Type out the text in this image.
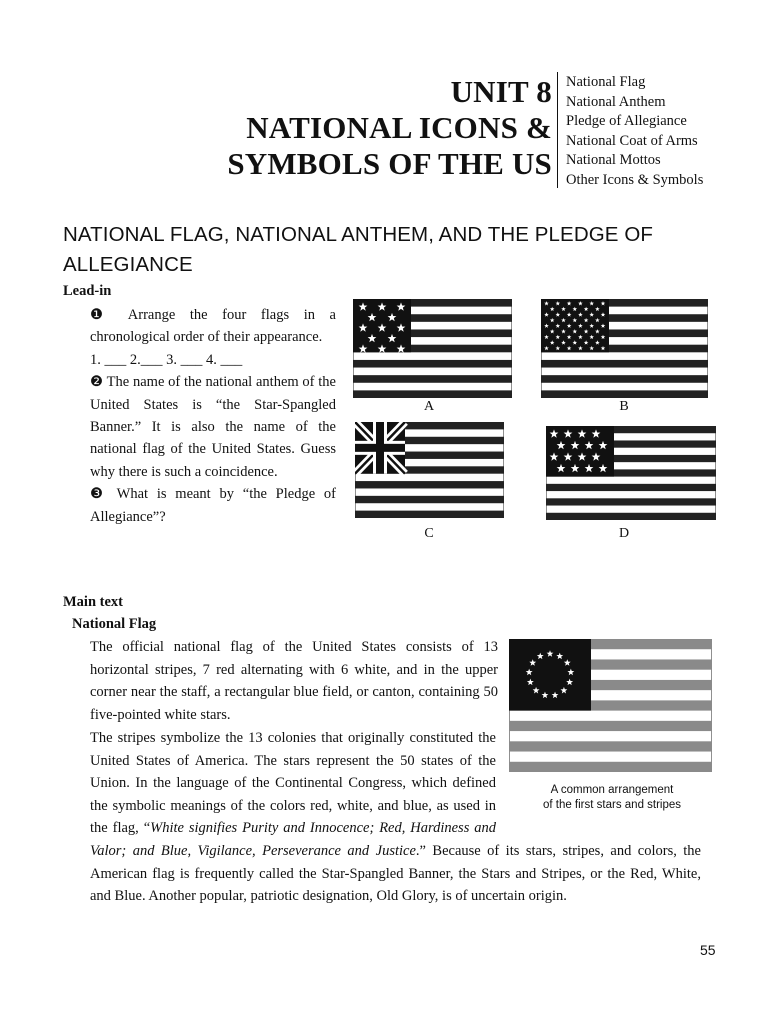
UNIT 8
NATIONAL ICONS &
SYMBOLS OF THE US
National Flag
National Anthem
Pledge of Allegiance
National Coat of Arms
National Mottos
Other Icons & Symbols
NATIONAL FLAG, NATIONAL ANTHEM, AND THE PLEDGE OF ALLEGIANCE
Lead-in

❶ Arrange the four flags in a chronological order of their appearance.

1. ___ 2.___ 3. ___ 4. ___

❷ The name of the national anthem of the United States is “the Star-Spangled Banner.” It is also the name of the national flag of the United States. Guess why there is such a coincidence.

❸ What is meant by “the Pledge of Allegiance”?

A	B
C	D
Main text
National Flag

The official national flag of the United States consists of 13 horizontal stripes, 7 red alternating with 6 white, and in the upper corner near the staff, a rectangular blue field, or canton, containing 50 five-pointed white stars.

The stripes symbolize the 13 colonies that originally constituted the United States of America. The stars represent the 50 states of the Union. In the language of the Continental Congress, which defined the symbolic meanings of the colors red, white, and blue, as used in the flag, “White signifies Purity and Innocence; Red, Hardiness and Valor; and Blue, Vigilance, Perseverance and Justice.” Because of its stars, stripes, and colors, the American flag is frequently called the Star-Spangled Banner, the Stars and Stripes, or the Red, White, and Blue. Another popular, patriotic designation, Old Glory, is of uncertain origin.

A common arrangement
of the first stars and stripes
55
